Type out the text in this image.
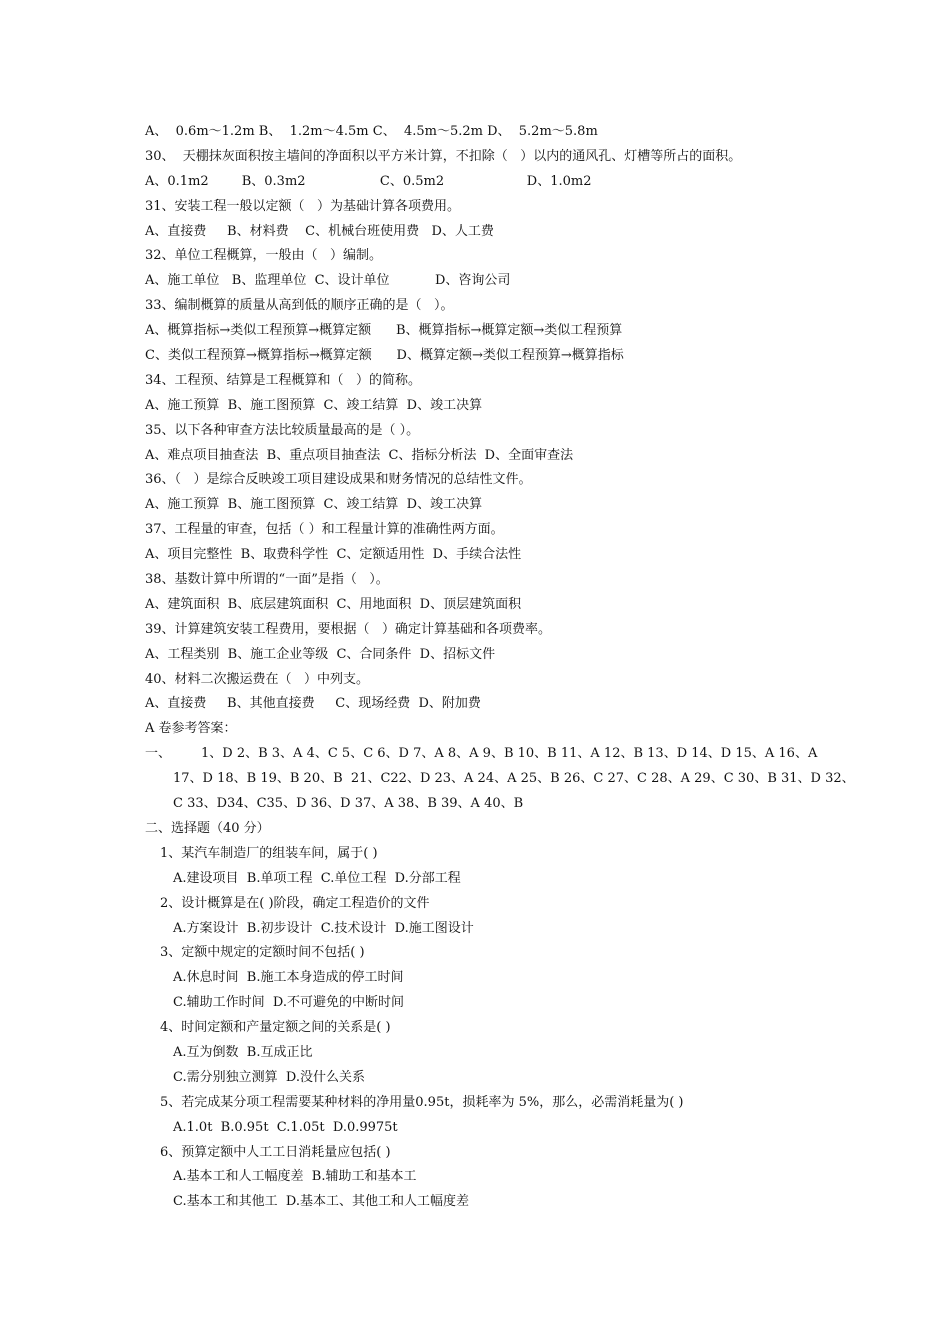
A、  0.6m～1.2m B、  1.2m～4.5m C、  4.5m～5.2m D、  5.2m～5.8m
30、  天棚抹灰面积按主墙间的净面积以平方米计算，不扣除（   ）以内的通风孔、灯槽等所占的面积。
A、0.1m2        B、0.3m2                  C、0.5m2                    D、1.0m2
31、安装工程一般以定额（   ）为基础计算各项费用。
A、直接费     B、材料费    C、机械台班使用费   D、人工费
32、单位工程概算，一般由（   ）编制。
A、施工单位   B、监理单位  C、设计单位           D、咨询公司
33、编制概算的质量从高到低的顺序正确的是（   ）。
A、概算指标→类似工程预算→概算定额      B、概算指标→概算定额→类似工程预算
C、类似工程预算→概算指标→概算定额      D、概算定额→类似工程预算→概算指标
34、工程预、结算是工程概算和（   ）的简称。
A、施工预算  B、施工图预算  C、竣工结算  D、竣工决算
35、以下各种审查方法比较质量最高的是（ ）。
A、难点项目抽查法  B、重点项目抽查法  C、指标分析法  D、全面审查法
36、（   ）是综合反映竣工项目建设成果和财务情况的总结性文件。
A、施工预算  B、施工图预算  C、竣工结算  D、竣工决算
37、工程量的审查，包括（ ）和工程量计算的准确性两方面。
A、项目完整性  B、取费科学性  C、定额适用性  D、手续合法性
38、基数计算中所谓的“一面”是指（   ）。
A、建筑面积  B、底层建筑面积  C、用地面积  D、顶层建筑面积
39、计算建筑安装工程费用，要根据（   ）确定计算基础和各项费率。
A、工程类别  B、施工企业等级  C、合同条件  D、招标文件
40、材料二次搬运费在（   ）中列支。
A、直接费     B、其他直接费     C、现场经费  D、附加费
A 卷参考答案：
一、	1、D 2、B 3、A 4、C 5、C 6、D 7、A 8、A 9、B 10、B 11、A 12、B 13、D 14、D 15、A 16、A
17、D 18、B 19、B 20、B  21、C22、D 23、A 24、A 25、B 26、C 27、C 28、A 29、C 30、B 31、D 32、
C 33、D34、C35、D 36、D 37、A 38、B 39、A 40、B
二、选择题（40 分）
1、某汽车制造厂的组装车间，属于( )
A.建设项目  B.单项工程  C.单位工程  D.分部工程
2、设计概算是在( )阶段，确定工程造价的文件
A.方案设计  B.初步设计  C.技术设计  D.施工图设计
3、定额中规定的定额时间不包括( )
A.休息时间  B.施工本身造成的停工时间
C.辅助工作时间  D.不可避免的中断时间
4、时间定额和产量定额之间的关系是( )
A.互为倒数  B.互成正比
C.需分别独立测算  D.没什么关系
5、若完成某分项工程需要某种材料的净用量0.95t，损耗率为 5%，那么，必需消耗量为( )
A.1.0t  B.0.95t  C.1.05t  D.0.9975t
6、预算定额中人工工日消耗量应包括( )
A.基本工和人工幅度差  B.辅助工和基本工
C.基本工和其他工  D.基本工、其他工和人工幅度差
